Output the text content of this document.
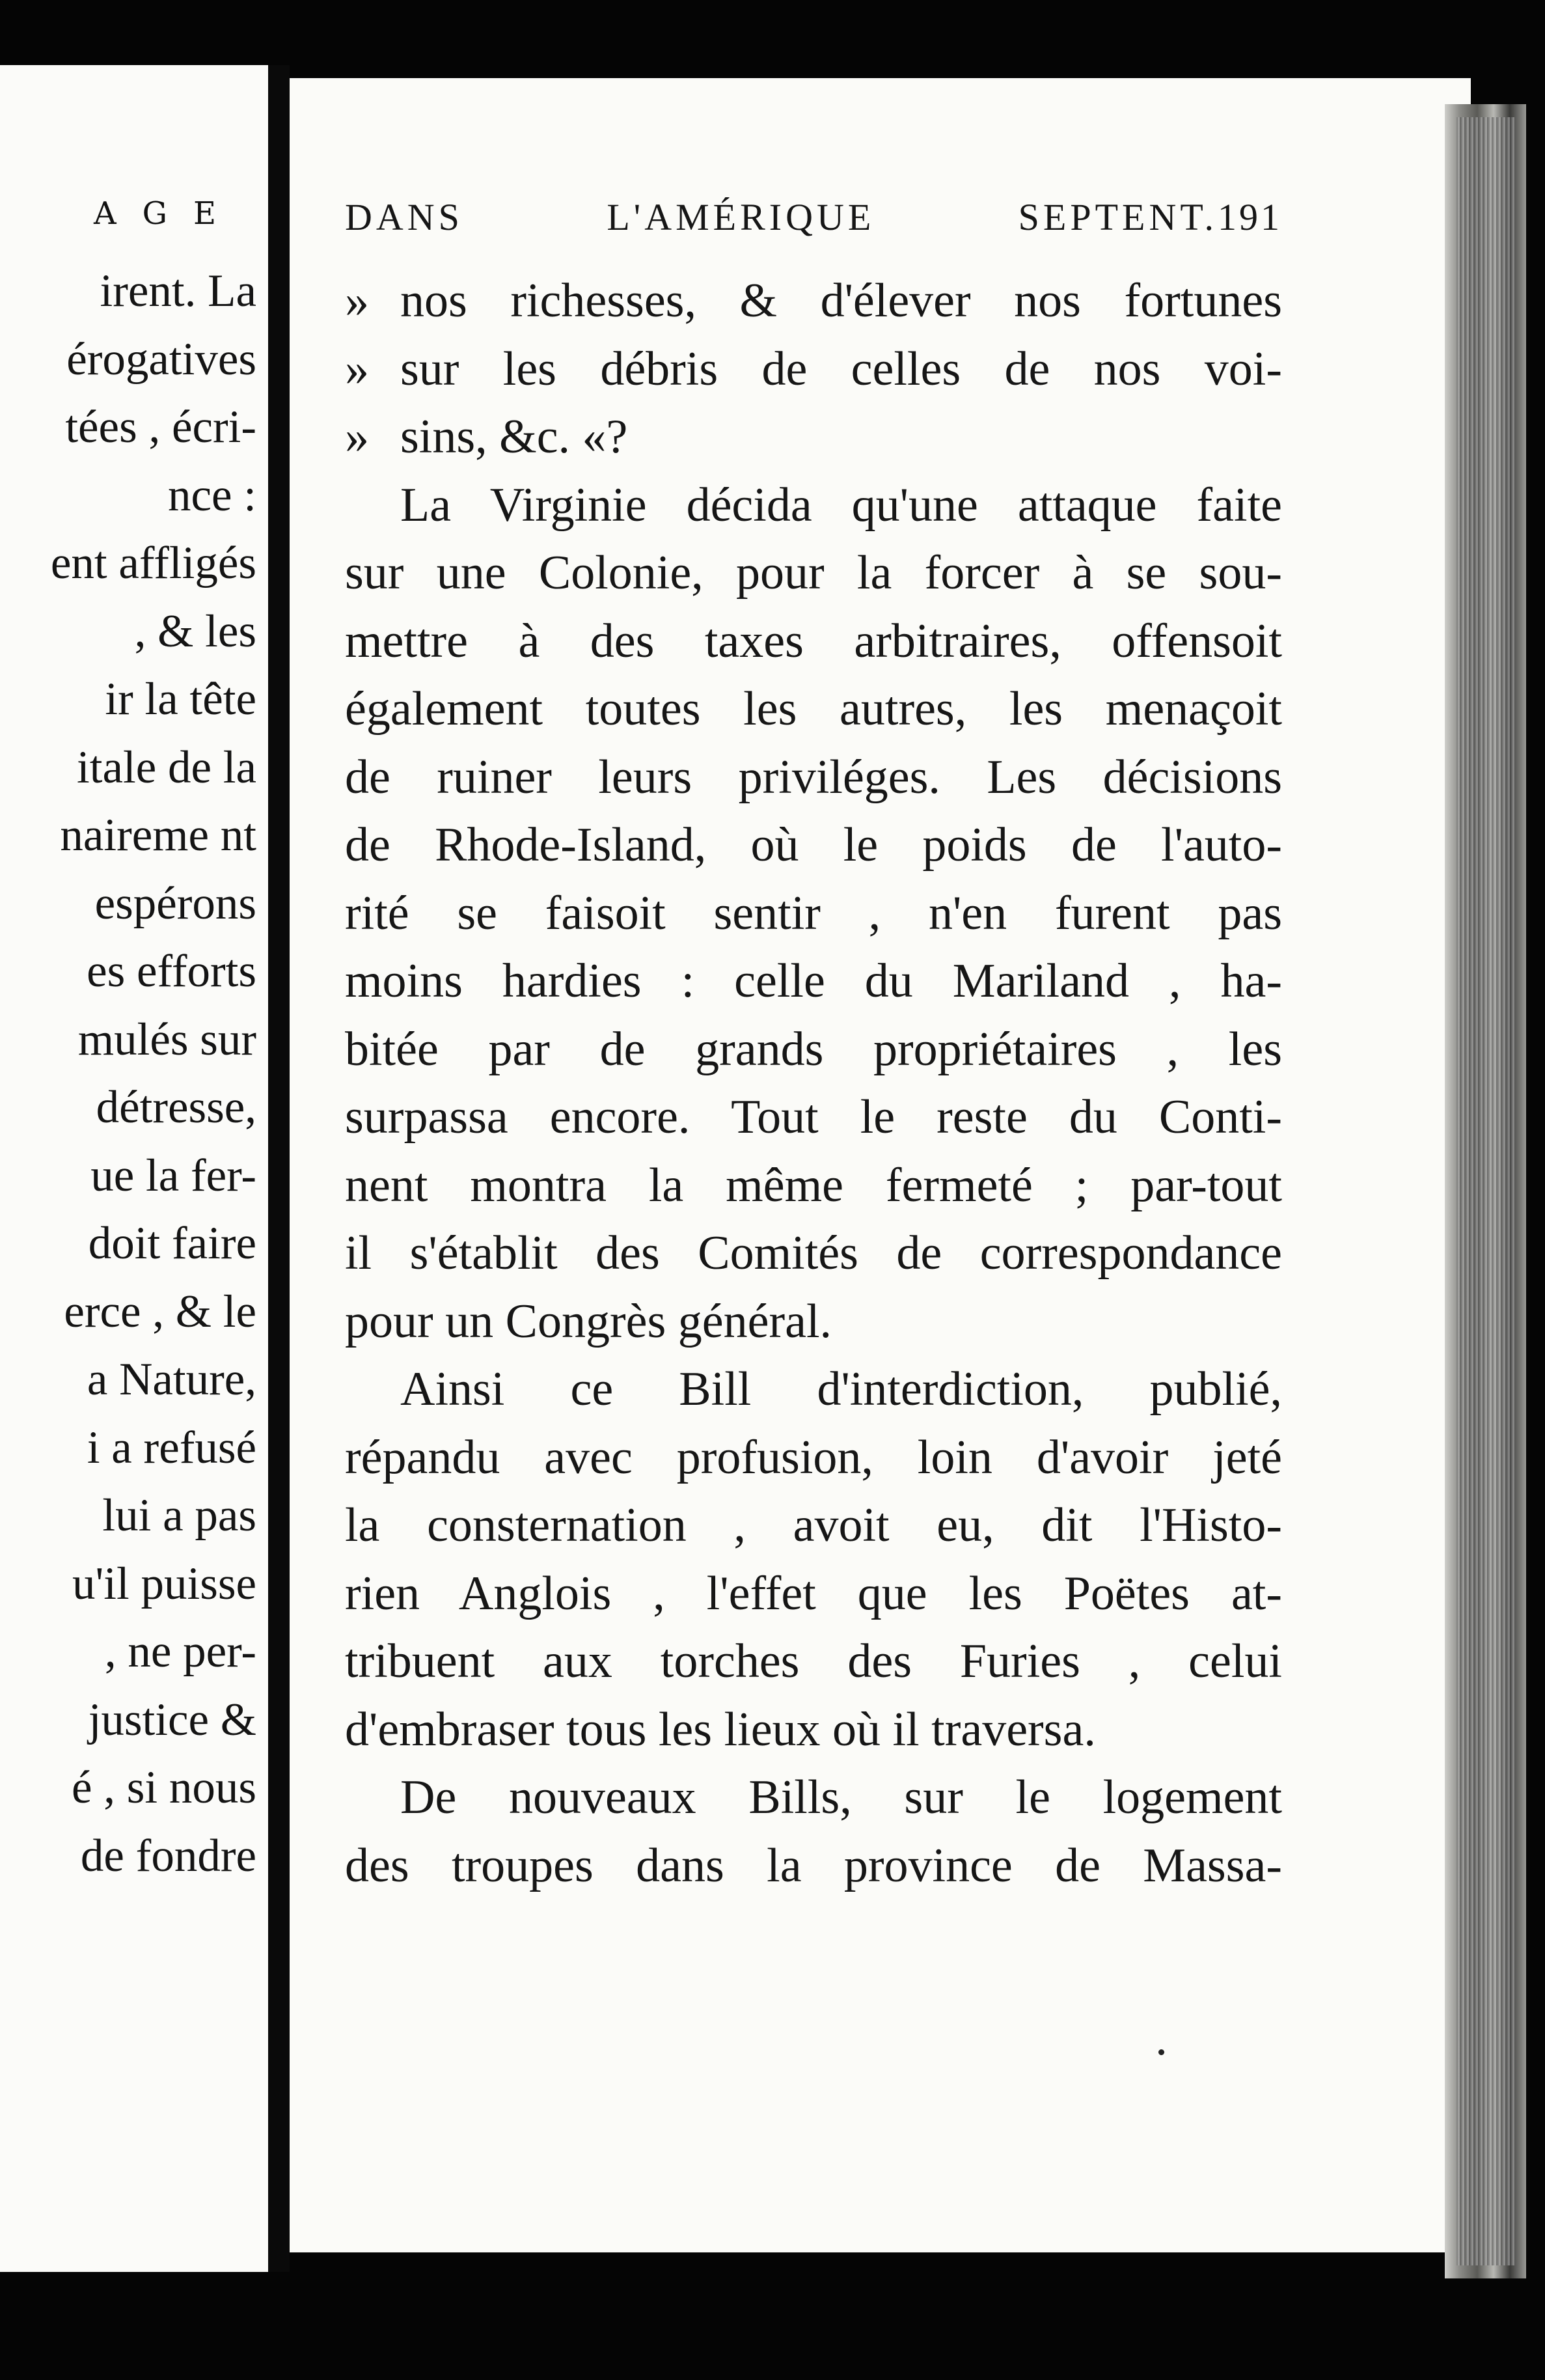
AGE
irent. La
érogatives
tées , écri-
nce :
ent affligés
, & les
ir la tête
itale de la
naireme nt
espérons
es efforts
mulés sur
détresse,
ue la fer-
doit faire
erce , & le
a Nature,
i a refusé
lui a pas
u'il puisse
, ne per-
justice &
é , si nous
de fondre
DANS L'AMÉRIQUE SEPTENT. 191
» nos richesses, & d'élever nos fortunes
» sur les débris de celles de nos voi-
» sins, &c. «?
La Virginie décida qu'une attaque faite
sur une Colonie, pour la forcer à se sou-
mettre à des taxes arbitraires, offensoit
également toutes les autres, les menaçoit
de ruiner leurs priviléges. Les décisions
de Rhode-Island, où le poids de l'auto-
rité se faisoit sentir , n'en furent pas
moins hardies : celle du Mariland , ha-
bitée par de grands propriétaires , les
surpassa encore. Tout le reste du Conti-
nent montra la même fermeté ; par-tout
il s'établit des Comités de correspondance
pour un Congrès général.
Ainsi ce Bill d'interdiction, publié,
répandu avec profusion, loin d'avoir jeté
la consternation , avoit eu, dit l'Histo-
rien Anglois , l'effet que les Poëtes at-
tribuent aux torches des Furies , celui
d'embraser tous les lieux où il traversa.
De nouveaux Bills, sur le logement
des troupes dans la province de Massa-
